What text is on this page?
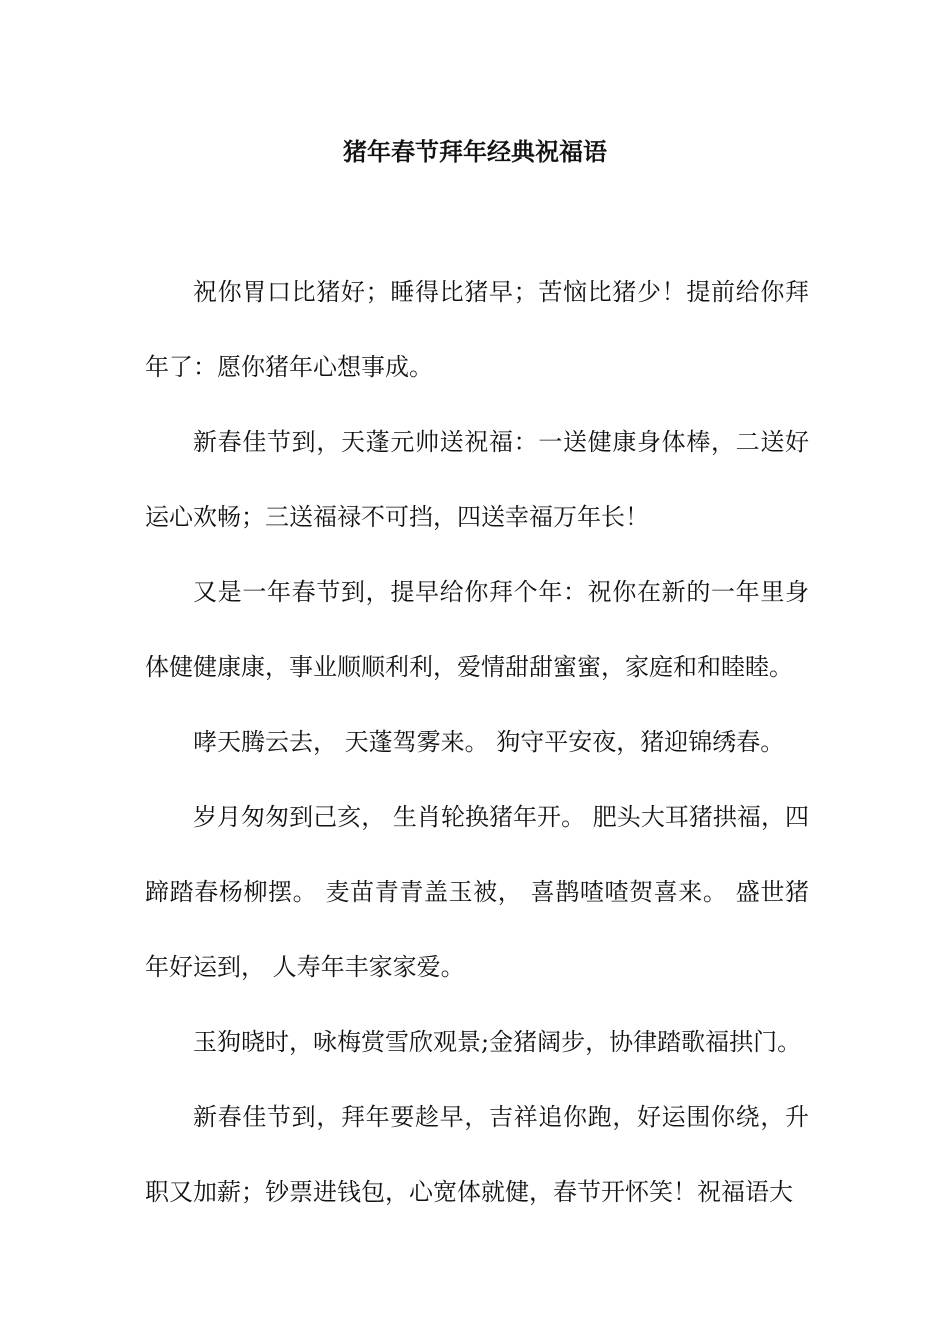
猪年春节拜年经典祝福语

祝你胃口比猪好；睡得比猪早；苦恼比猪少！提前给你拜年了：愿你猪年心想事成。

新春佳节到，天蓬元帅送祝福：一送健康身体棒，二送好运心欢畅；三送福禄不可挡，四送幸福万年长！

又是一年春节到，提早给你拜个年：祝你在新的一年里身体健健康康，事业顺顺利利，爱情甜甜蜜蜜，家庭和和睦睦。

哮天腾云去， 天蓬驾雾来。 狗守平安夜，猪迎锦绣春。

岁月匆匆到己亥， 生肖轮换猪年开。 肥头大耳猪拱福，四蹄踏春杨柳摆。 麦苗青青盖玉被， 喜鹊喳喳贺喜来。 盛世猪年好运到， 人寿年丰家家爱。

玉狗晓时，咏梅赏雪欣观景;金猪阔步，协律踏歌福拱门。

新春佳节到，拜年要趁早，吉祥追你跑，好运围你绕，升职又加薪；钞票进钱包，心宽体就健，春节开怀笑！祝福语大
